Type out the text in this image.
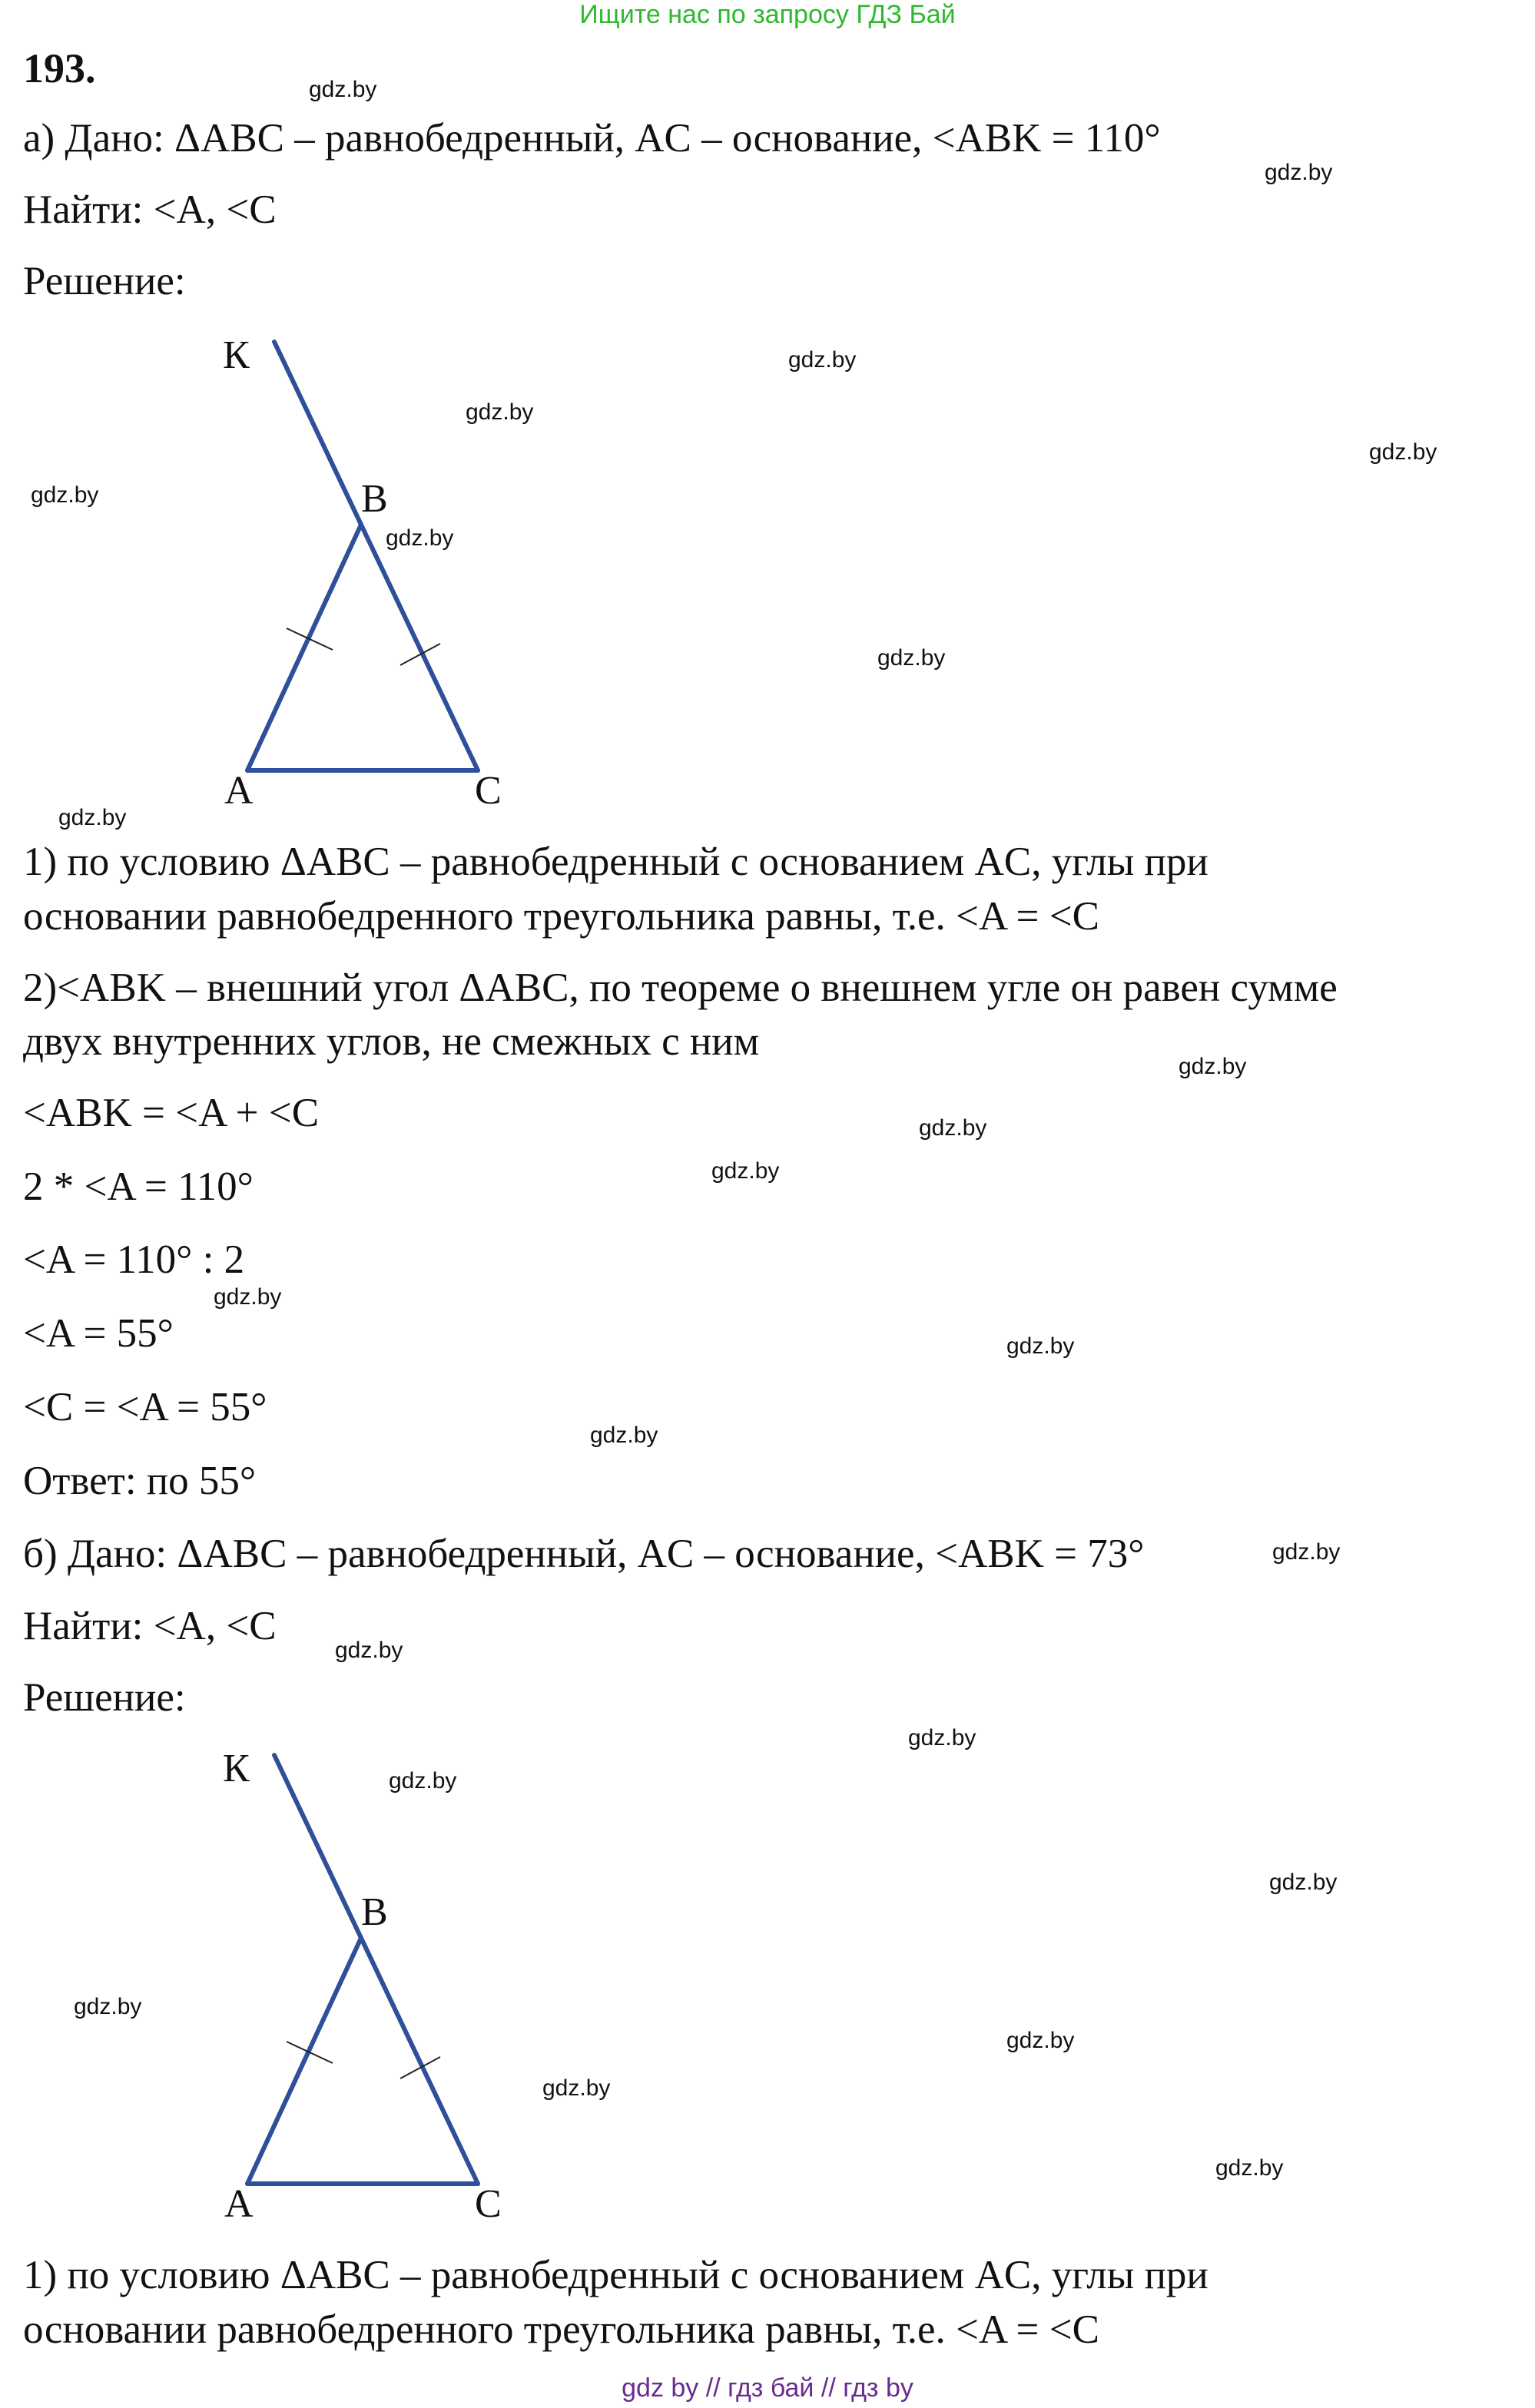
Ищите нас по запросу ГДЗ Бай
193.
а) Дано: ΔABC – равнобедренный, AC – основание, <ABK = 110°
Найти: <A, <C
Решение:
К
В
А	С
1) по условию ΔABC – равнобедренный с основанием AC, углы при
основании равнобедренного треугольника равны, т.е. <A = <C
2)<ABK – внешний угол ΔABC, по теореме о внешнем угле он равен сумме
двух внутренних углов, не смежных с ним
<ABK = <A + <C
2 * <A = 110°
<A = 110° : 2
<A = 55°
<C = <A = 55°
Ответ: по 55°
б) Дано: ΔABC – равнобедренный, AC – основание, <ABK = 73°
Найти: <A, <C
Решение:
К
В
А	С
1) по условию ΔABC – равнобедренный с основанием AC, углы при
основании равнобедренного треугольника равны, т.е. <A = <C
gdz.by
gdz.by
gdz.by
gdz.by
gdz.by
gdz.by
gdz.by
gdz.by
gdz.by
gdz.by
gdz.by
gdz.by
gdz.by
gdz.by
gdz.by
gdz.by
gdz.by
gdz.by
gdz.by
gdz.by
gdz.by
gdz.by
gdz.by
gdz.by
gdz by // гдз бай // гдз by
